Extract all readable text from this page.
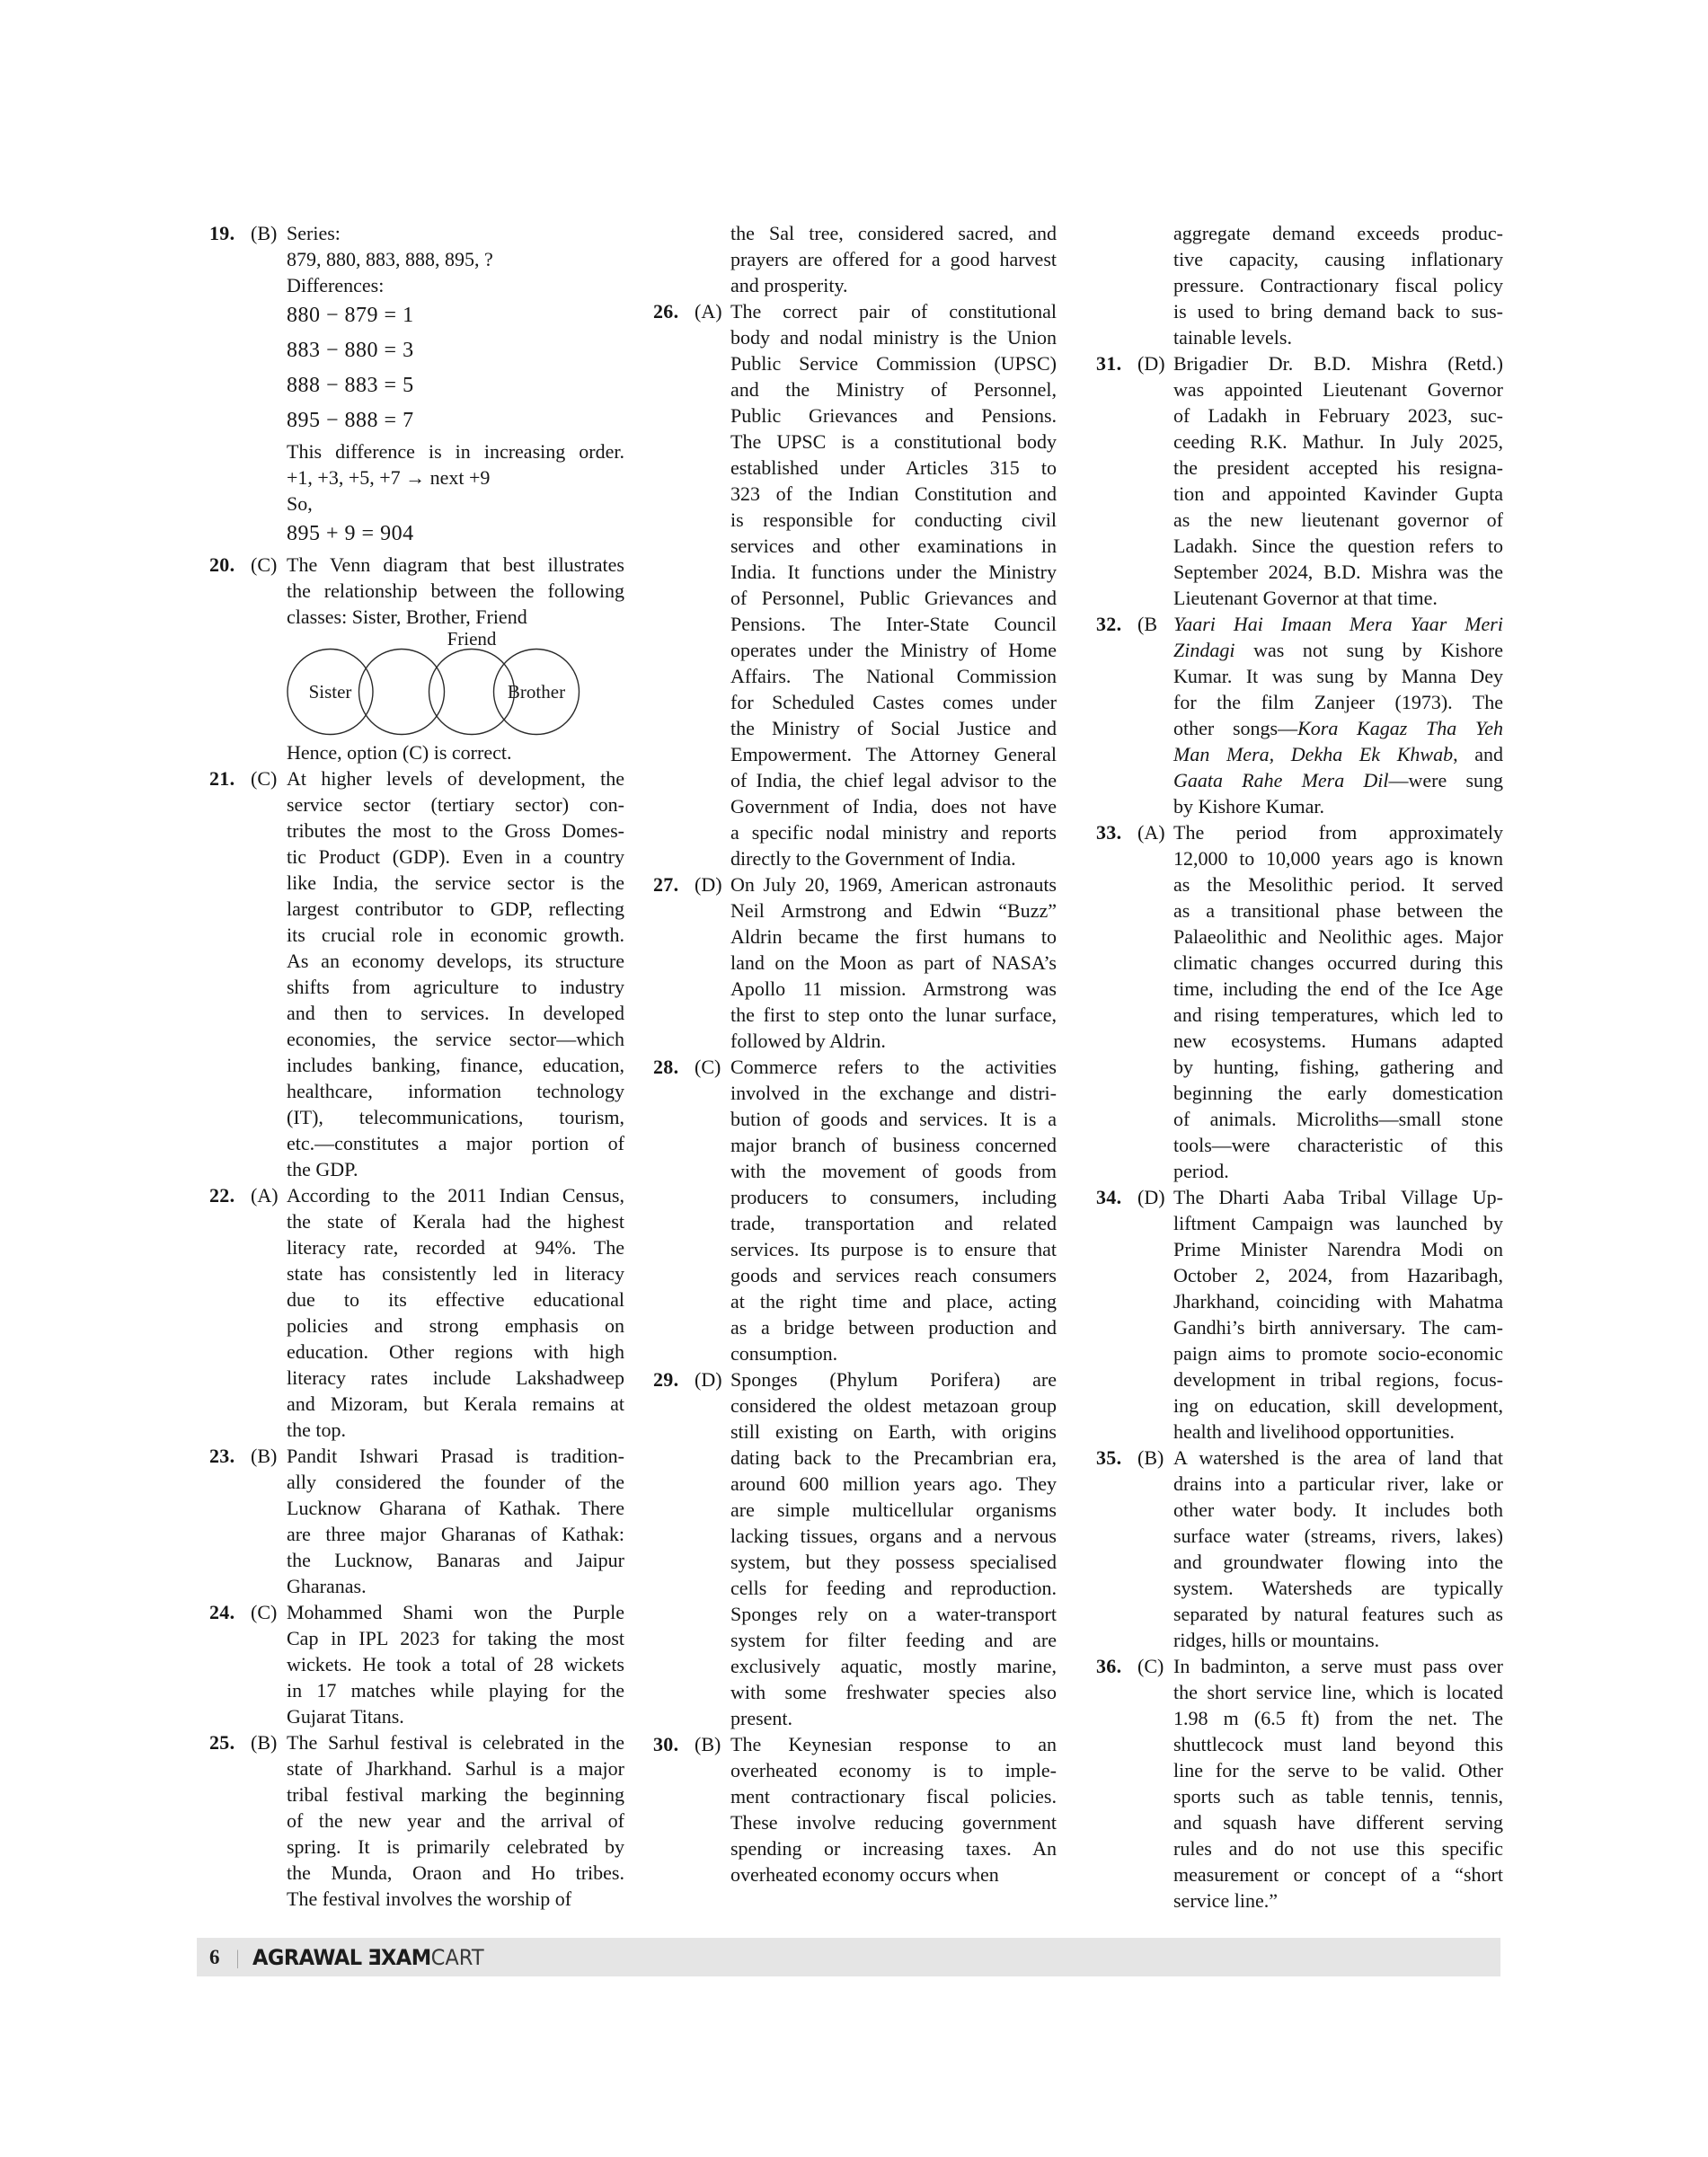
19. (B) Series:
879, 880, 883, 888, 895, ?
Differences:
880 − 879 = 1
883 − 880 = 3
888 − 883 = 5
895 − 888 = 7
This difference is in increasing order.
+1, +3, +5, +7 → next +9
So,
895 + 9 = 904
20. (C) The Venn diagram that best illustrates
the relationship between the following
classes: Sister, Brother, Friend
Friend
Sister	Brother
Hence, option (C) is correct.
21. (C) At higher levels of development, the
service sector (tertiary sector) con-
tributes the most to the Gross Domes-
tic Product (GDP). Even in a country
like India, the service sector is the
largest contributor to GDP, reflecting
its crucial role in economic growth.
As an economy develops, its structure
shifts from agriculture to industry
and then to services. In developed
economies, the service sector—which
includes banking, finance, education,
healthcare, information technology
(IT), telecommunications, tourism,
etc.—constitutes a major portion of
the GDP.
22. (A) According to the 2011 Indian Census,
the state of Kerala had the highest
literacy rate, recorded at 94%. The
state has consistently led in literacy
due to its effective educational
policies and strong emphasis on
education. Other regions with high
literacy rates include Lakshadweep
and Mizoram, but Kerala remains at
the top.
23. (B) Pandit Ishwari Prasad is tradition-
ally considered the founder of the
Lucknow Gharana of Kathak. There
are three major Gharanas of Kathak:
the Lucknow, Banaras and Jaipur
Gharanas.
24. (C) Mohammed Shami won the Purple
Cap in IPL 2023 for taking the most
wickets. He took a total of 28 wickets
in 17 matches while playing for the
Gujarat Titans.
25. (B) The Sarhul festival is celebrated in the
state of Jharkhand. Sarhul is a major
tribal festival marking the beginning
of the new year and the arrival of
spring. It is primarily celebrated by
the Munda, Oraon and Ho tribes.
The festival involves the worship of
the Sal tree, considered sacred, and
prayers are offered for a good harvest
and prosperity.
26. (A) The correct pair of constitutional
body and nodal ministry is the Union
Public Service Commission (UPSC)
and the Ministry of Personnel,
Public Grievances and Pensions.
The UPSC is a constitutional body
established under Articles 315 to
323 of the Indian Constitution and
is responsible for conducting civil
services and other examinations in
India. It functions under the Ministry
of Personnel, Public Grievances and
Pensions. The Inter-State Council
operates under the Ministry of Home
Affairs. The National Commission
for Scheduled Castes comes under
the Ministry of Social Justice and
Empowerment. The Attorney General
of India, the chief legal advisor to the
Government of India, does not have
a specific nodal ministry and reports
directly to the Government of India.
27. (D) On July 20, 1969, American astronauts
Neil Armstrong and Edwin “Buzz”
Aldrin became the first humans to
land on the Moon as part of NASA’s
Apollo 11 mission. Armstrong was
the first to step onto the lunar surface,
followed by Aldrin.
28. (C) Commerce refers to the activities
involved in the exchange and distri-
bution of goods and services. It is a
major branch of business concerned
with the movement of goods from
producers to consumers, including
trade, transportation and related
services. Its purpose is to ensure that
goods and services reach consumers
at the right time and place, acting
as a bridge between production and
consumption.
29. (D) Sponges (Phylum Porifera) are
considered the oldest metazoan group
still existing on Earth, with origins
dating back to the Precambrian era,
around 600 million years ago. They
are simple multicellular organisms
lacking tissues, organs and a nervous
system, but they possess specialised
cells for feeding and reproduction.
Sponges rely on a water-transport
system for filter feeding and are
exclusively aquatic, mostly marine,
with some freshwater species also
present.
30. (B) The Keynesian response to an
overheated economy is to imple-
ment contractionary fiscal policies.
These involve reducing government
spending or increasing taxes. An
overheated economy occurs when
aggregate demand exceeds produc-
tive capacity, causing inflationary
pressure. Contractionary fiscal policy
is used to bring demand back to sus-
tainable levels.
31. (D) Brigadier Dr. B.D. Mishra (Retd.)
was appointed Lieutenant Governor
of Ladakh in February 2023, suc-
ceeding R.K. Mathur. In July 2025,
the president accepted his resigna-
tion and appointed Kavinder Gupta
as the new lieutenant governor of
Ladakh. Since the question refers to
September 2024, B.D. Mishra was the
Lieutenant Governor at that time.
32. (B Yaari Hai Imaan Mera Yaar Meri
Zindagi was not sung by Kishore
Kumar. It was sung by Manna Dey
for the film Zanjeer (1973). The
other songs—Kora Kagaz Tha Yeh
Man Mera, Dekha Ek Khwab, and
Gaata Rahe Mera Dil—were sung
by Kishore Kumar.
33. (A) The period from approximately
12,000 to 10,000 years ago is known
as the Mesolithic period. It served
as a transitional phase between the
Palaeolithic and Neolithic ages. Major
climatic changes occurred during this
time, including the end of the Ice Age
and rising temperatures, which led to
new ecosystems. Humans adapted
by hunting, fishing, gathering and
beginning the early domestication
of animals. Microliths—small stone
tools—were characteristic of this
period.
34. (D) The Dharti Aaba Tribal Village Up-
liftment Campaign was launched by
Prime Minister Narendra Modi on
October 2, 2024, from Hazaribagh,
Jharkhand, coinciding with Mahatma
Gandhi’s birth anniversary. The cam-
paign aims to promote socio-economic
development in tribal regions, focus-
ing on education, skill development,
health and livelihood opportunities.
35. (B) A watershed is the area of land that
drains into a particular river, lake or
other water body. It includes both
surface water (streams, rivers, lakes)
and groundwater flowing into the
system. Watersheds are typically
separated by natural features such as
ridges, hills or mountains.
36. (C) In badminton, a serve must pass over
the short service line, which is located
1.98 m (6.5 ft) from the net. The
shuttlecock must land beyond this
line for the serve to be valid. Other
sports such as table tennis, tennis,
and squash have different serving
rules and do not use this specific
measurement or concept of a “short
service line.”
6 | AGRAWAL ƎXAM CART
